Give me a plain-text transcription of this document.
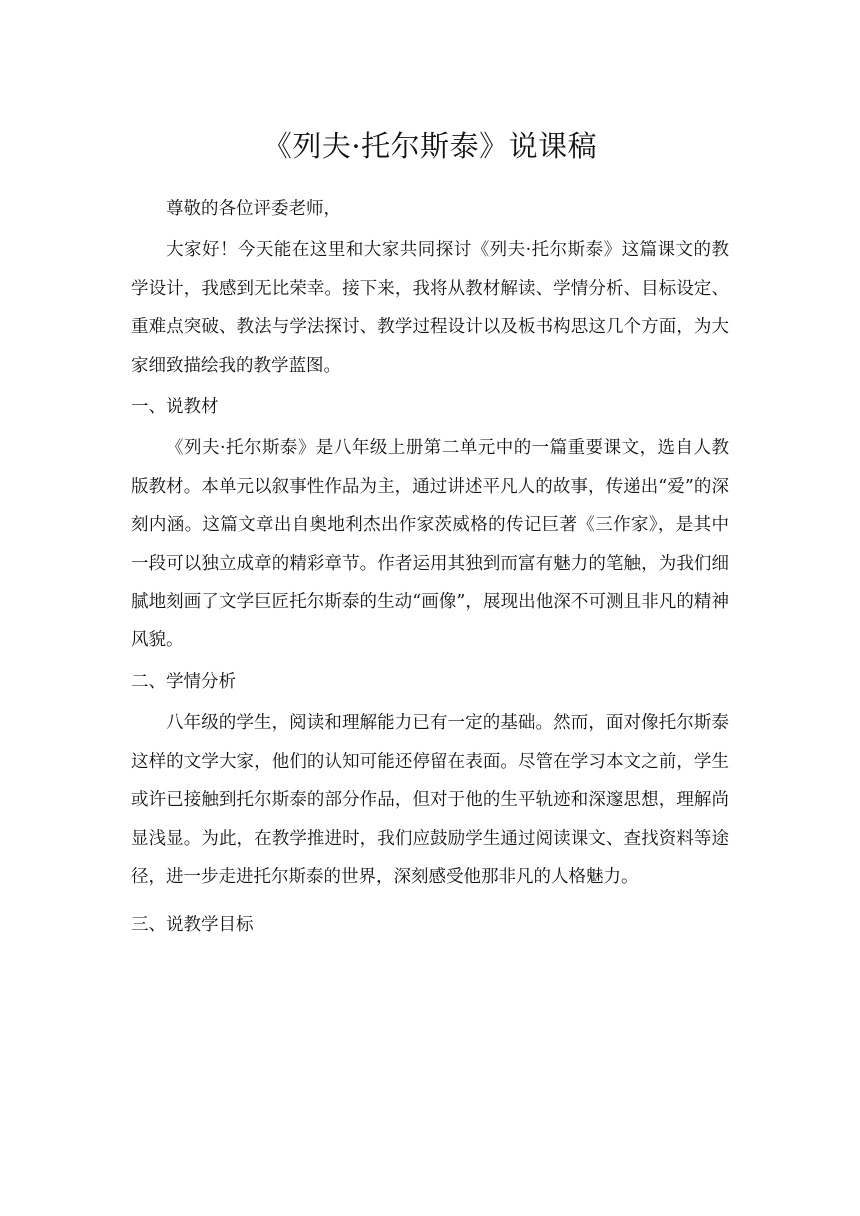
《列夫·托尔斯泰》说课稿

尊敬的各位评委老师，

大家好！今天能在这里和大家共同探讨《列夫·托尔斯泰》这篇课文的教学设计，我感到无比荣幸。接下来，我将从教材解读、学情分析、目标设定、重难点突破、教法与学法探讨、教学过程设计以及板书构思这几个方面，为大家细致描绘我的教学蓝图。

一、说教材

《列夫·托尔斯泰》是八年级上册第二单元中的一篇重要课文，选自人教版教材。本单元以叙事性作品为主，通过讲述平凡人的故事，传递出“爱”的深刻内涵。这篇文章出自奥地利杰出作家茨威格的传记巨著《三作家》，是其中一段可以独立成章的精彩章节。作者运用其独到而富有魅力的笔触，为我们细腻地刻画了文学巨匠托尔斯泰的生动“画像”，展现出他深不可测且非凡的精神风貌。

二、学情分析

八年级的学生，阅读和理解能力已有一定的基础。然而，面对像托尔斯泰这样的文学大家，他们的认知可能还停留在表面。尽管在学习本文之前，学生或许已接触到托尔斯泰的部分作品，但对于他的生平轨迹和深邃思想，理解尚显浅显。为此，在教学推进时，我们应鼓励学生通过阅读课文、查找资料等途径，进一步走进托尔斯泰的世界，深刻感受他那非凡的人格魅力。

三、说教学目标
